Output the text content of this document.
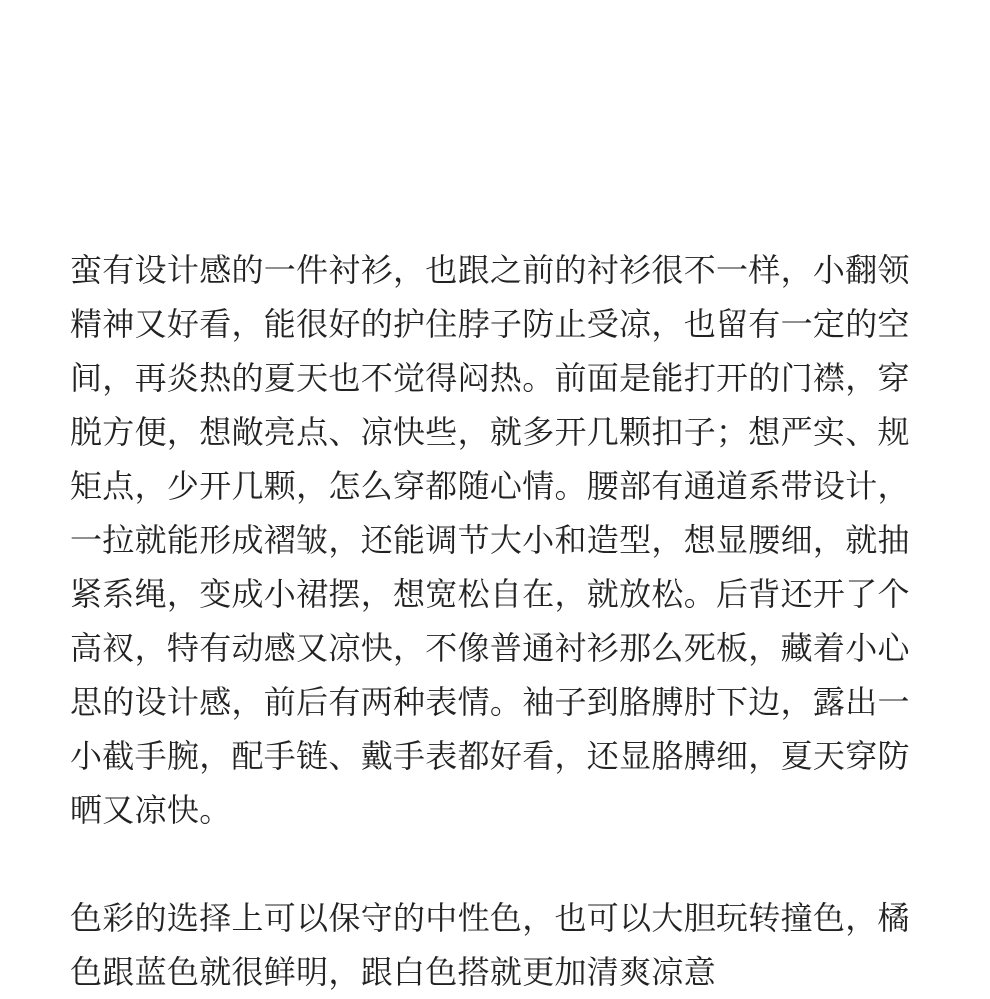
蛮有设计感的一件衬衫，也跟之前的衬衫很不一样，小翻领精神又好看，能很好的护住脖子防止受凉，也留有一定的空间，再炎热的夏天也不觉得闷热。前面是能打开的门襟，穿脱方便，想敞亮点、凉快些，就多开几颗扣子；想严实、规矩点，少开几颗，怎么穿都随心情。腰部有通道系带设计，一拉就能形成褶皱，还能调节大小和造型，想显腰细，就抽紧系绳，变成小裙摆，想宽松自在，就放松。后背还开了个高衩，特有动感又凉快，不像普通衬衫那么死板，藏着小心思的设计感，前后有两种表情。袖子到胳膊肘下边，露出一小截手腕，配手链、戴手表都好看，还显胳膊细，夏天穿防晒又凉快。

色彩的选择上可以保守的中性色，也可以大胆玩转撞色，橘色跟蓝色就很鲜明，跟白色搭就更加清爽凉意
